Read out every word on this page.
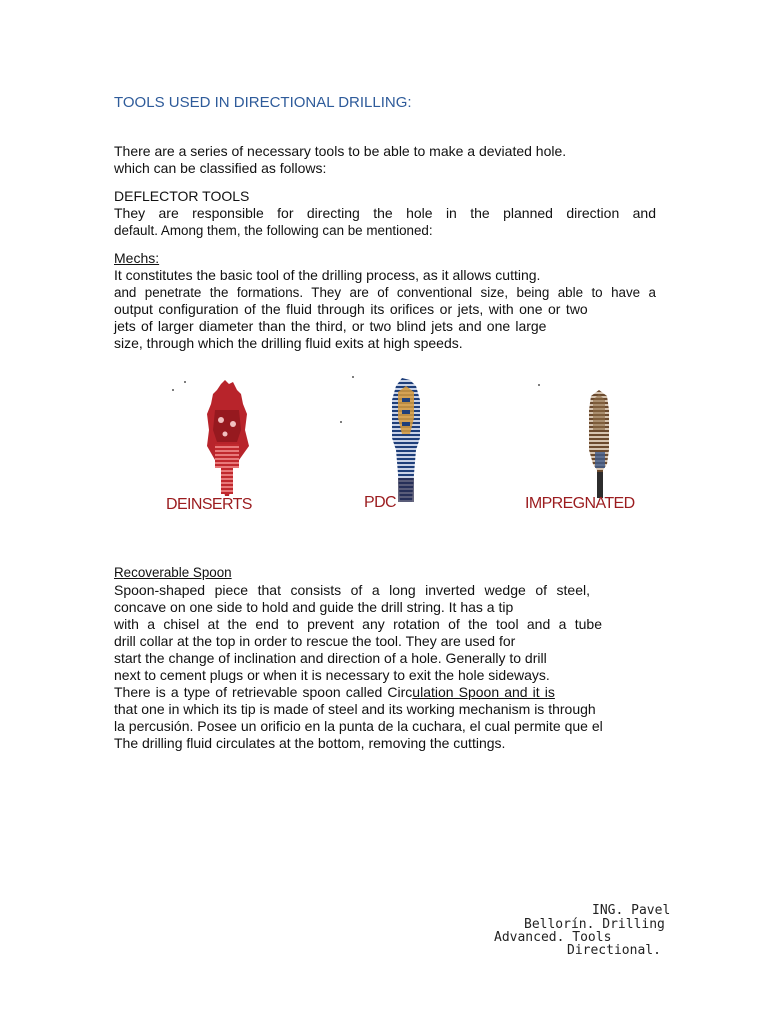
TOOLS USED IN DIRECTIONAL DRILLING:
There are a series of necessary tools to be able to make a deviated hole.
which can be classified as follows:
DEFLECTOR TOOLS
They are responsible for directing the hole in the planned direction and
default. Among them, the following can be mentioned:
Mechs:
It constitutes the basic tool of the drilling process, as it allows cutting.
and penetrate the formations. They are of conventional size, being able to have a
output configuration of the fluid through its orifices or jets, with one or two
jets of larger diameter than the third, or two blind jets and one large
size, through which the drilling fluid exits at high speeds.
DEINSERTS	PDC	IMPREGNATED
Recoverable Spoon
Spoon-shaped piece that consists of a long inverted wedge of steel,
concave on one side to hold and guide the drill string. It has a tip
with a chisel at the end to prevent any rotation of the tool and a tube
drill collar at the top in order to rescue the tool. They are used for
start the change of inclination and direction of a hole. Generally to drill
next to cement plugs or when it is necessary to exit the hole sideways.
There is a type of retrievable spoon called Circulation Spoon and it is
that one in which its tip is made of steel and its working mechanism is through
la percusión. Posee un orificio en la punta de la cuchara, el cual permite que el
The drilling fluid circulates at the bottom, removing the cuttings.
ING. Pavel
Bellorín. Drilling
Advanced. Tools
Directional.
